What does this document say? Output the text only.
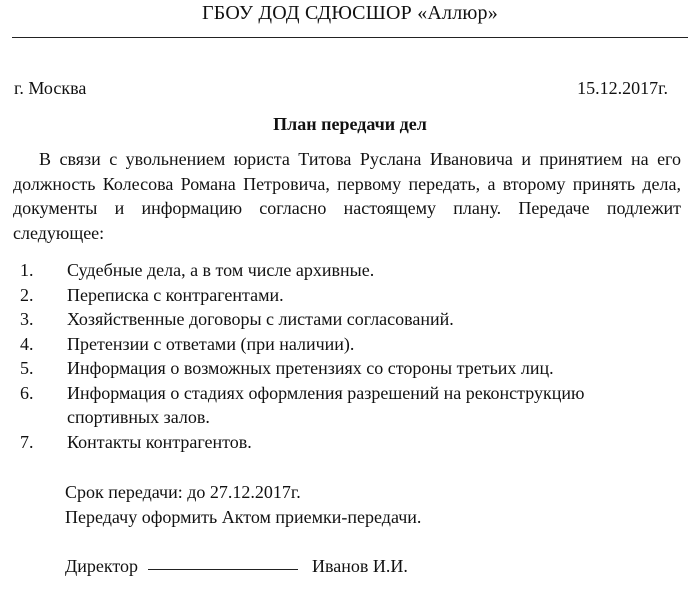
ГБОУ ДОД СДЮСШОР «Аллюр»
г. Москва	15.12.2017г.
План передачи дел

В связи с увольнением юриста Титова Руслана Ивановича и принятием на его должность Колесова Романа Петровича, первому передать, а второму принять дела, документы и информацию согласно настоящему плану. Передаче подлежит следующее:

1.	Судебные дела, а в том числе архивные.
2.	Переписка с контрагентами.
3.	Хозяйственные договоры с листами согласований.
4.	Претензии с ответами (при наличии).
5.	Информация о возможных претензиях со стороны третьих лиц.
6.	Информация о стадиях оформления разрешений на реконструкцию спортивных залов.
7.	Контакты контрагентов.
Срок передачи: до 27.12.2017г.
Передачу оформить Актом приемки-передачи.
Директор	Иванов И.И.
